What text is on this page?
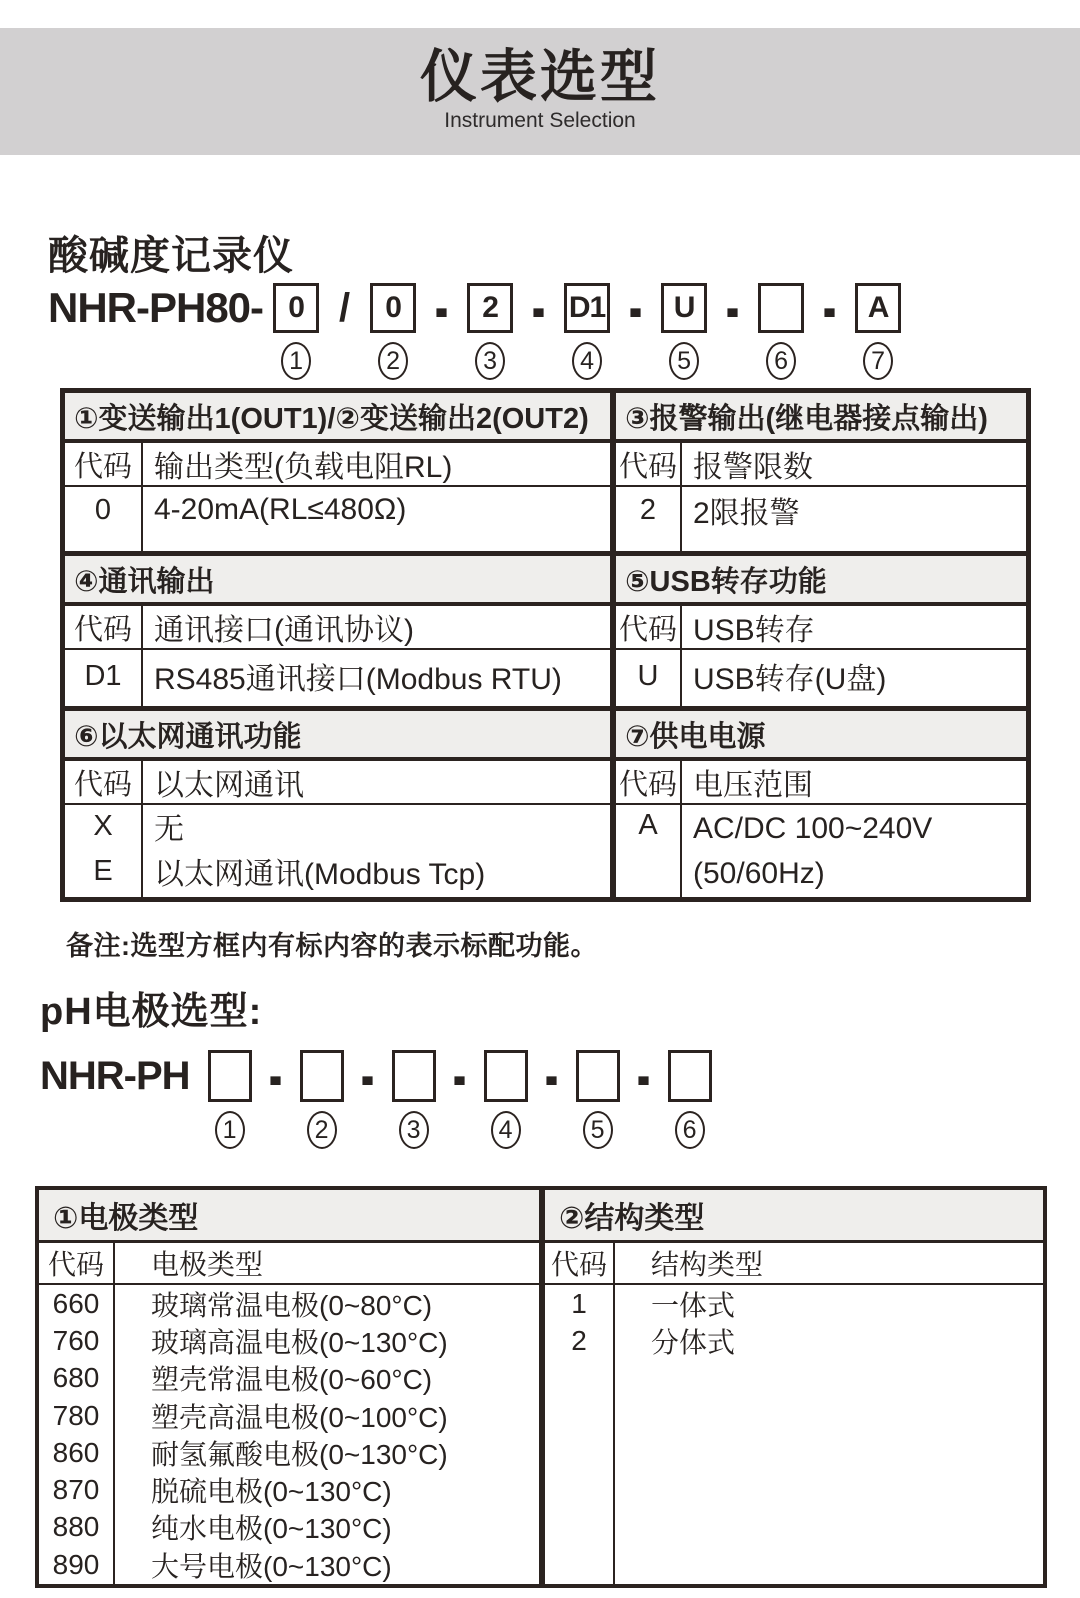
仪表选型
Instrument Selection
酸碱度记录仪
NHR-PH80- 0
1
/	0
2
-	2
3
- D1
4
-	U
5
-
6
-	A
7
①变送输出1(OUT1)/②变送输出2(OUT2)
代码 输出类型(负载电阻RL)
0	4-20mA(RL≤480Ω)
③报警输出(继电器接点输出)
代码 报警限数
2	2限报警
④通讯输出
代码 通讯接口(通讯协议)
D1	RS485通讯接口(Modbus RTU)
⑤USB转存功能
代码 USB转存
U	USB转存(U盘)
⑥以太网通讯功能
代码 以太网通讯
X	无
E	以太网通讯(Modbus Tcp)
⑦供电电源
代码 电压范围
A	AC/DC 100~240V
(50/60Hz)
备注:选型方框内有标内容的表示标配功能。
pH电极选型:
NHR-PH
1
-
2
-
3
-
4
-
5
-
6
①电极类型
代码	电极类型
660	玻璃常温电极(0~80°C)
760	玻璃高温电极(0~130°C)
680	塑壳常温电极(0~60°C)
780	塑壳高温电极(0~100°C)
860	耐氢氟酸电极(0~130°C)
870	脱硫电极(0~130°C)
880	纯水电极(0~130°C)
890	大号电极(0~130°C)
②结构类型
代码	结构类型
1	一体式
2	分体式
